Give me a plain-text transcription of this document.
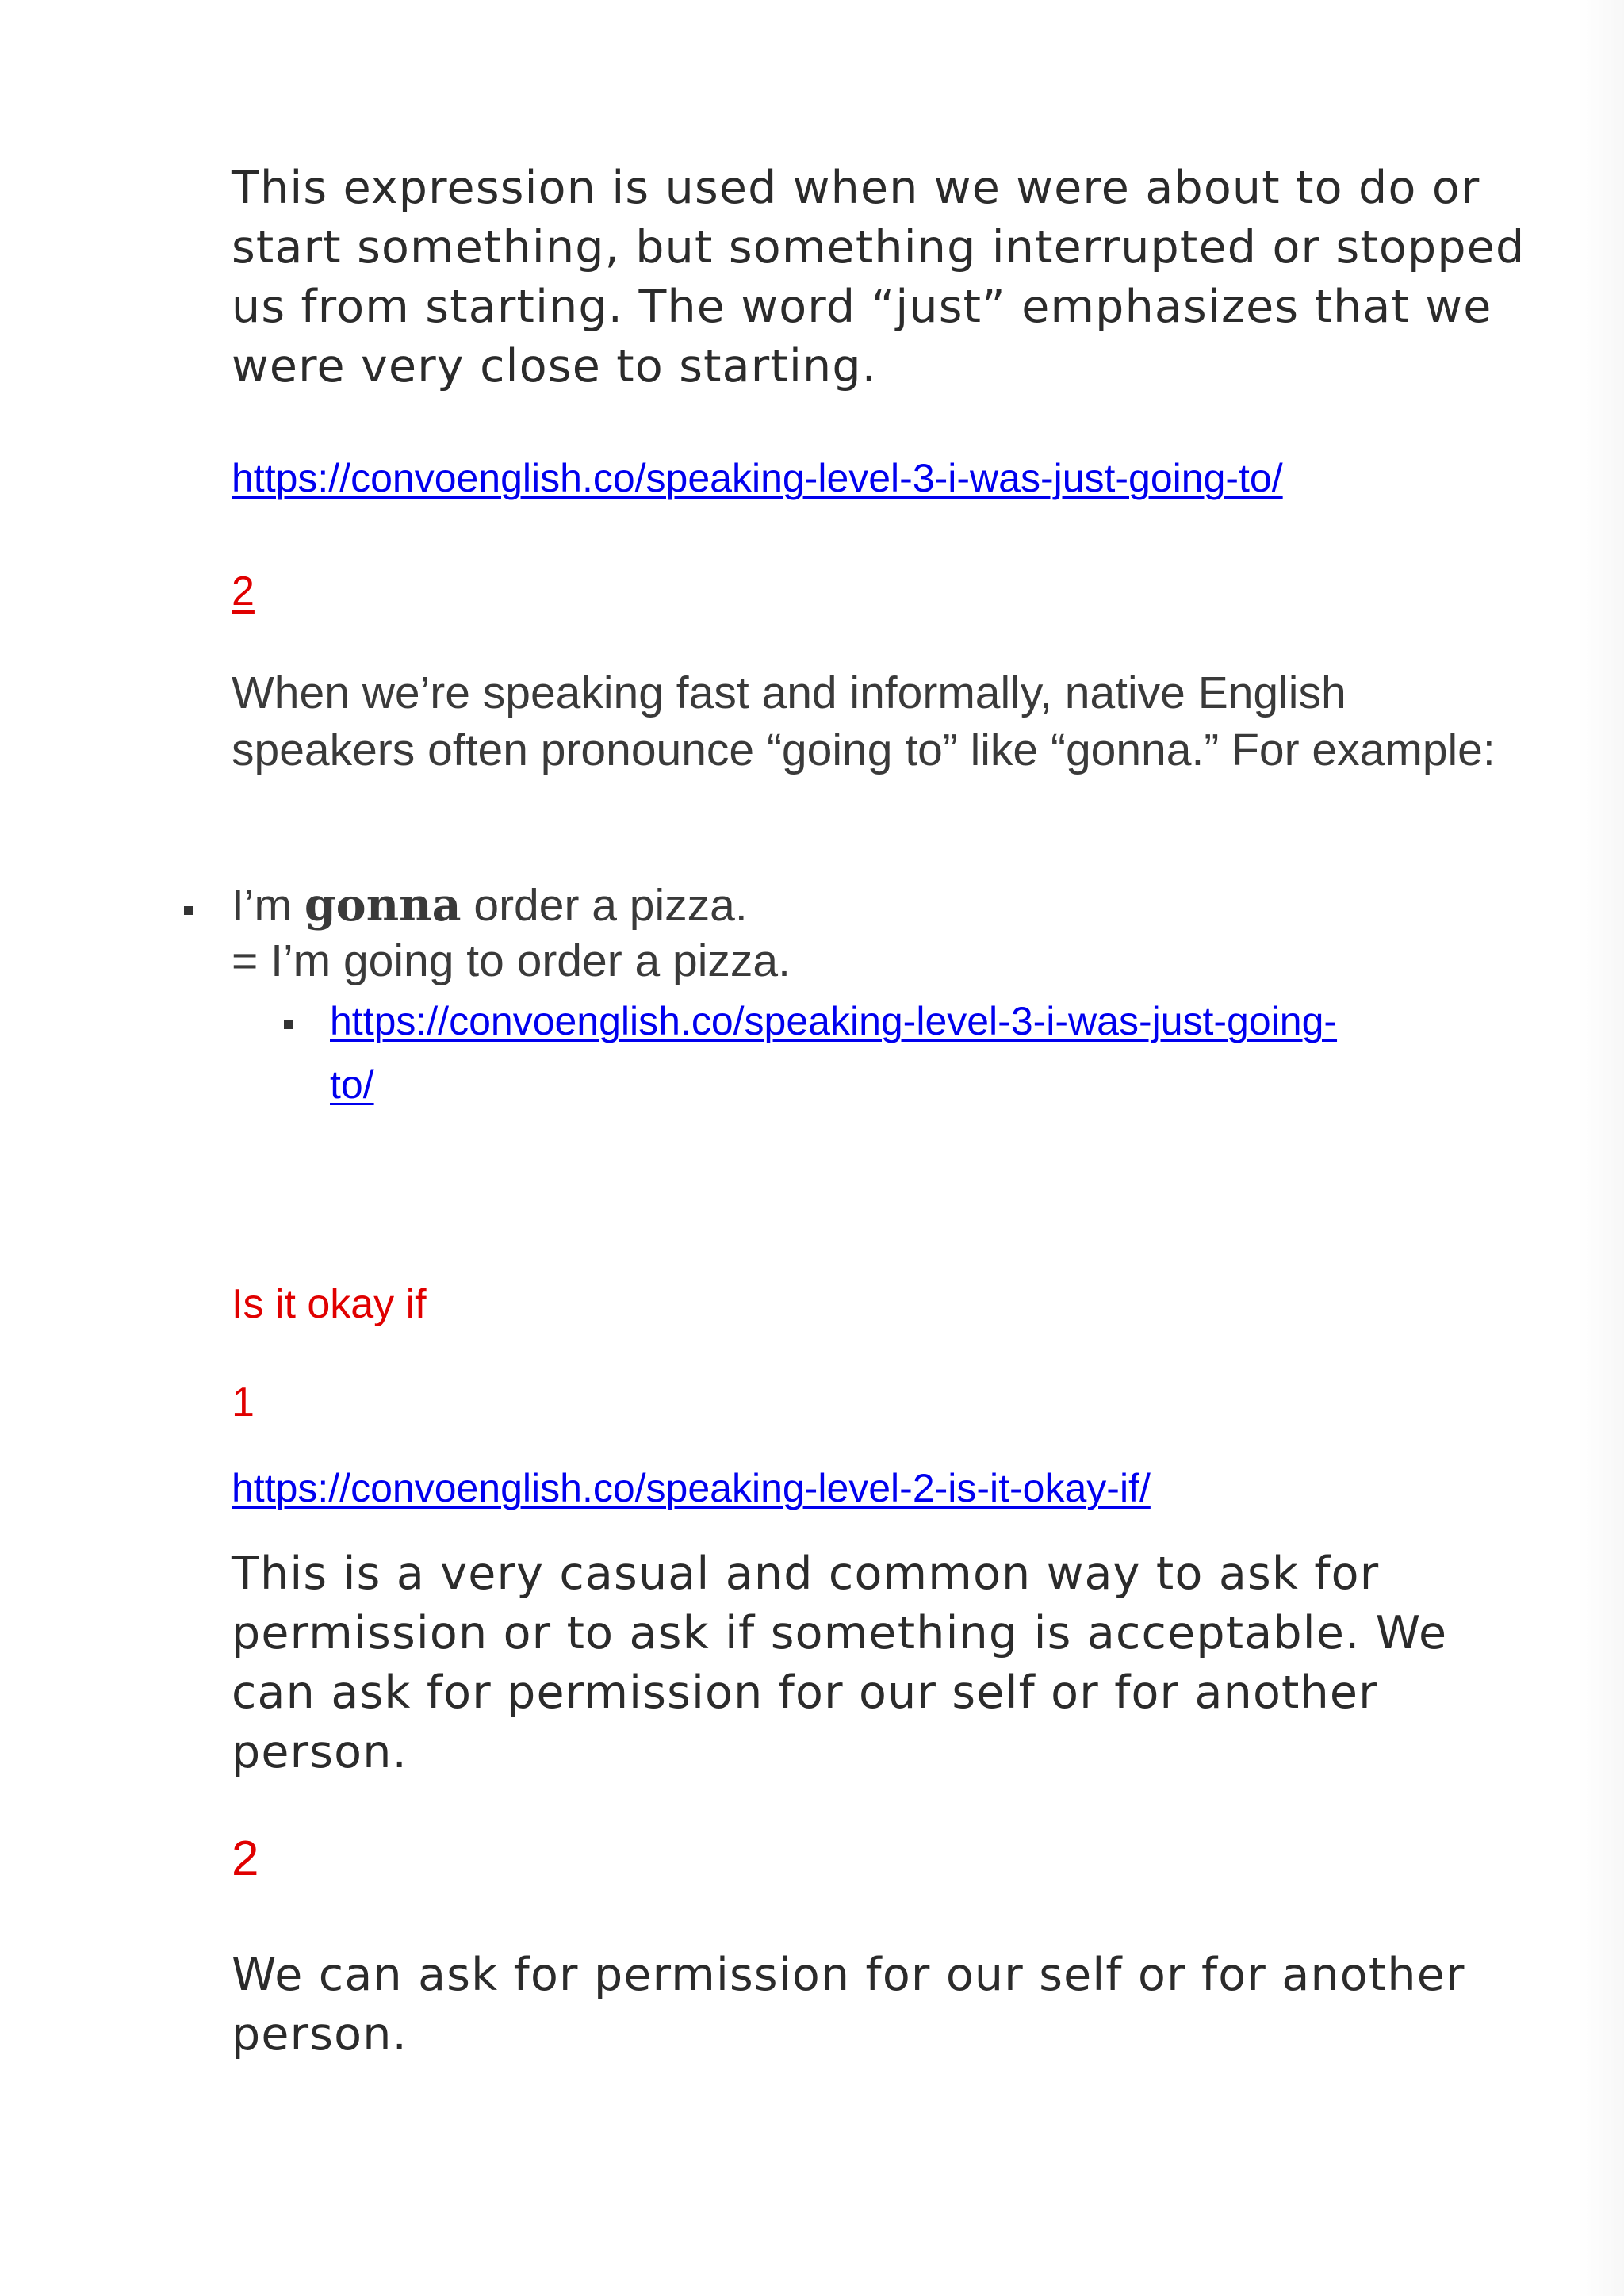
This expression is used when we were about to do or start something, but something interrupted or stopped us from starting. The word “just” emphasizes that we were very close to starting.

https://convoenglish.co/speaking-level-3-i-was-just-going-to/
2

When we’re speaking fast and informally, native English speakers often pronounce “going to” like “gonna.” For example:

I’m gonna order a pizza.
= I’m going to order a pizza.
https://convoenglish.co/speaking-level-3-i-was-just-going-
to/
Is it okay if
1
https://convoenglish.co/speaking-level-2-is-it-okay-if/

This is a very casual and common way to ask for permission or to ask if something is acceptable. We can ask for permission for our self or for another person.

2

We can ask for permission for our self or for another person.
